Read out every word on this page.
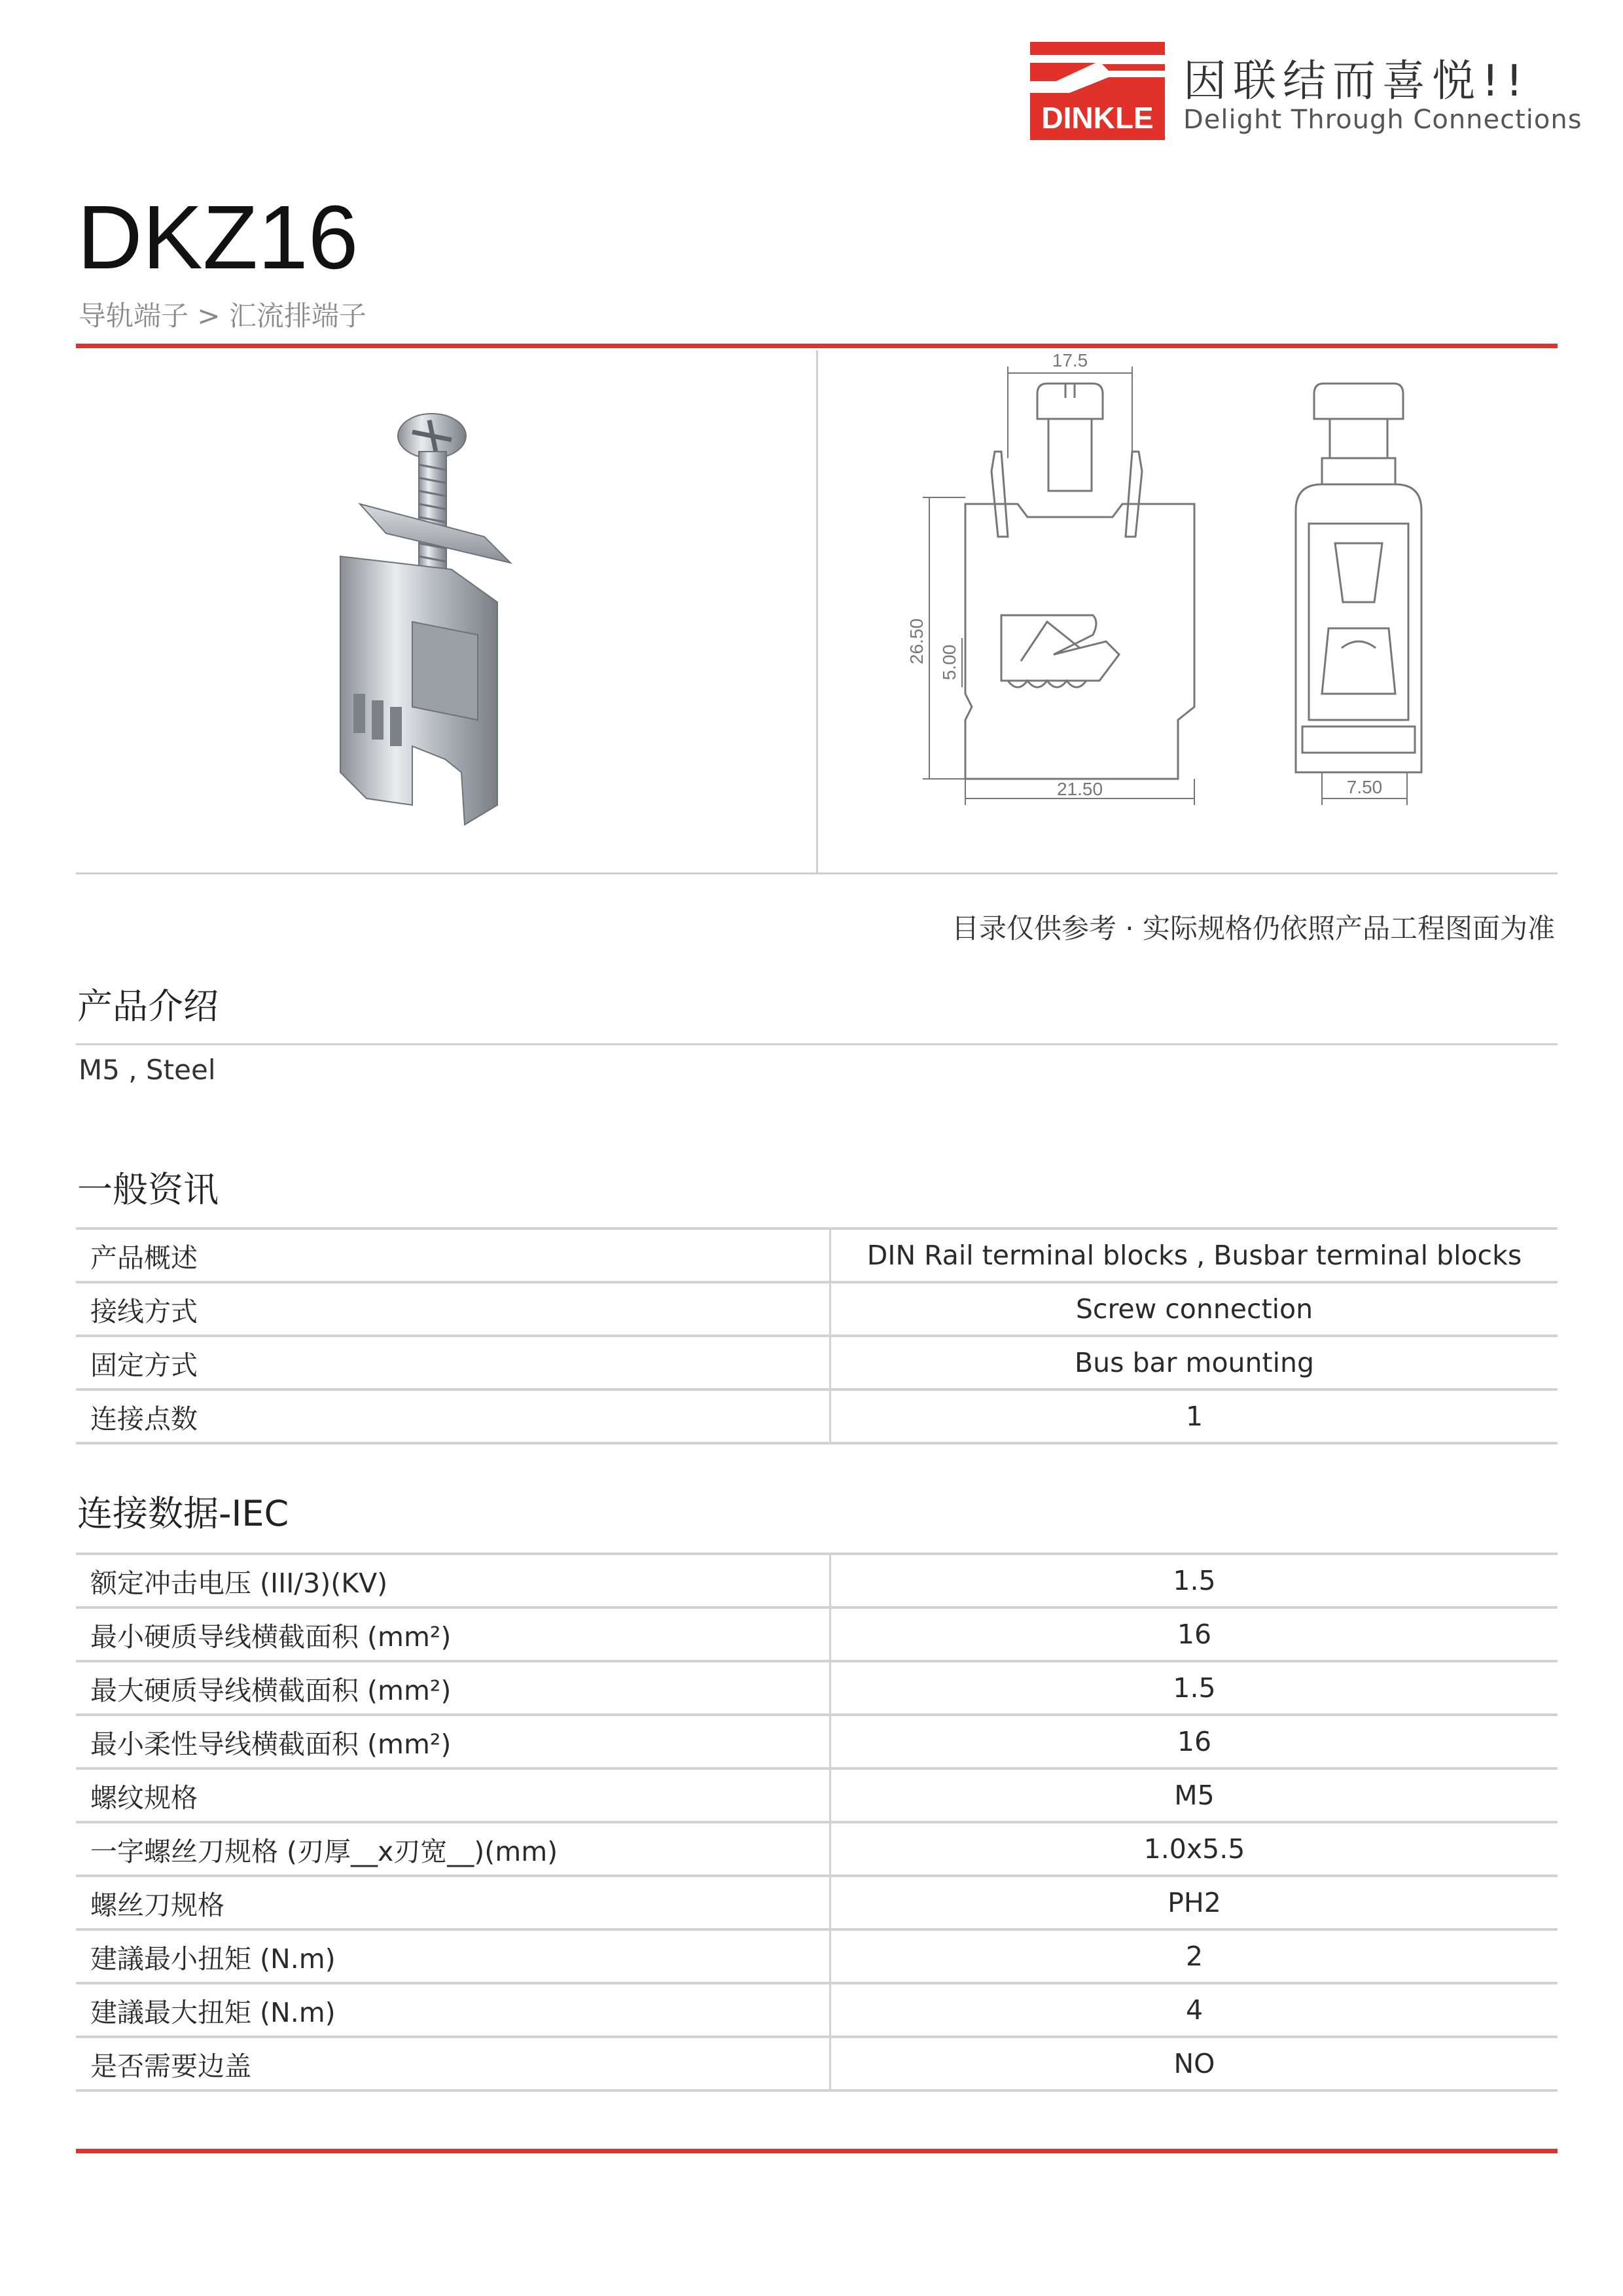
DINKLE
因联结而喜悦!!
Delight Through Connections
DKZ16
导轨端子 > 汇流排端子
17.5
26.50 5.00
21.50	7.50
目录仅供参考 · 实际规格仍依照产品工程图面为准
产品介绍
M5 , Steel
一般资讯
产品概述	DIN Rail terminal blocks , Busbar terminal blocks
接线方式	Screw connection
固定方式	Bus bar mounting
连接点数	1
连接数据-IEC
额定冲击电压 (III/3)(KV)	1.5
最小硬质导线横截面积 (mm²)	16
最大硬质导线横截面积 (mm²)	1.5
最小柔性导线横截面积 (mm²)	16
螺纹规格	M5
一字螺丝刀规格 (刃厚__x刃宽__)(mm)	1.0x5.5
螺丝刀规格	PH2
建議最小扭矩 (N.m)	2
建議最大扭矩 (N.m)	4
是否需要边盖	NO
